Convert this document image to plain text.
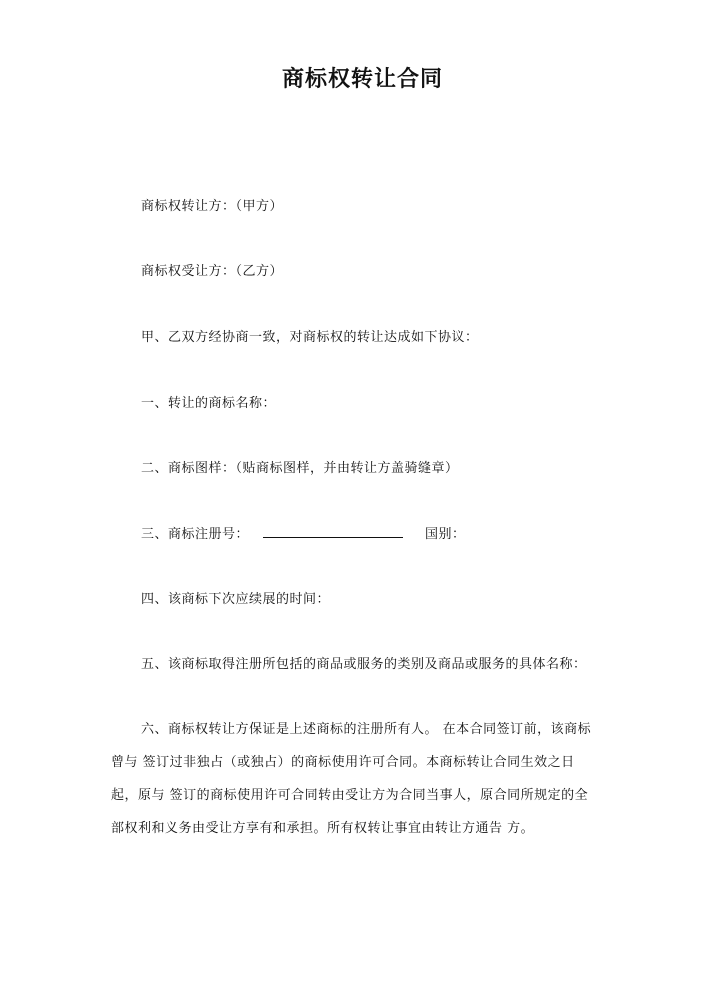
商标权转让合同
商标权转让方：（甲方）
商标权受让方：（乙方）
甲、乙双方经协商一致，对商标权的转让达成如下协议：
一、转让的商标名称：
二、商标图样：（贴商标图样，并由转让方盖骑缝章）
三、商标注册号：	国别：
四、该商标下次应续展的时间：
五、该商标取得注册所包括的商品或服务的类别及商品或服务的具体名称：
六、商标权转让方保证是上述商标的注册所有人。 在本合同签订前，该商标
曾与 签订过非独占（或独占）的商标使用许可合同。本商标转让合同生效之日
起，原与 签订的商标使用许可合同转由受让方为合同当事人，原合同所规定的全
部权利和义务由受让方享有和承担。所有权转让事宜由转让方通告 方。
